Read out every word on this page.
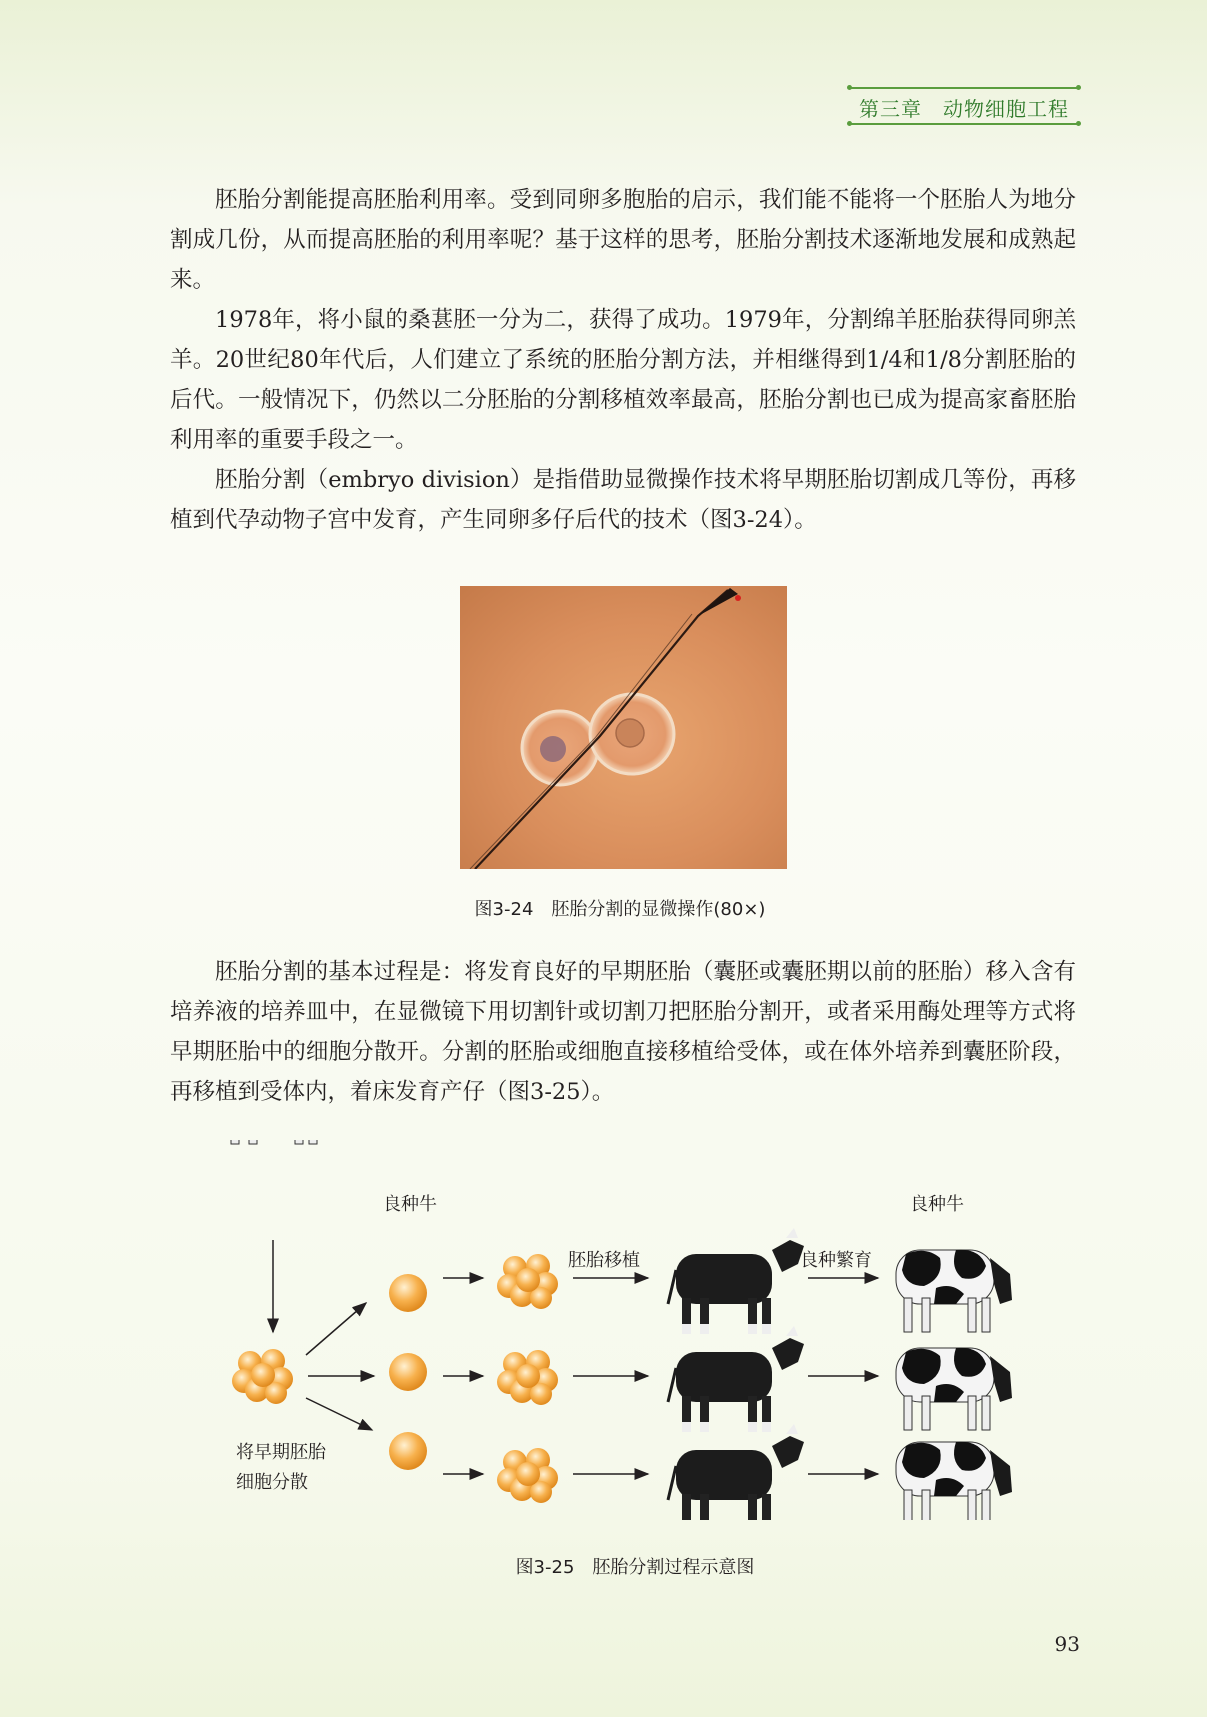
第三章　 动物细胞工程

胚胎分割能提高胚胎利用率。受到同卵多胞胎的启示，我们能不能将一个胚胎人为地分割成几份，从而提高胚胎的利用率呢？基于这样的思考，胚胎分割技术逐渐地发展和成熟起来。

1978年，将小鼠的桑葚胚一分为二，获得了成功。1979年，分割绵羊胚胎获得同卵羔羊。20世纪80年代后，人们建立了系统的胚胎分割方法，并相继得到1/4和1/8分割胚胎的后代。一般情况下，仍然以二分胚胎的分割移植效率最高，胚胎分割也已成为提高家畜胚胎利用率的重要手段之一。

胚胎分割（embryo division）是指借助显微操作技术将早期胚胎切割成几等份，再移植到代孕动物子宫中发育，产生同卵多仔后代的技术（图3-24）。

图3-24　胚胎分割的显微操作(80×)

胚胎分割的基本过程是：将发育良好的早期胚胎（囊胚或囊胚期以前的胚胎）移入含有培养液的培养皿中，在显微镜下用切割针或切割刀把胚胎分割开，或者采用酶处理等方式将早期胚胎中的细胞分散开。分割的胚胎或细胞直接移植给受体，或在体外培养到囊胚阶段，再移植到受体内，着床发育产仔（图3-25）。

良种牛	良种牛
胚胎移植	良种繁育
将早期胚胎
细胞分散
图3-25　胚胎分割过程示意图
93
